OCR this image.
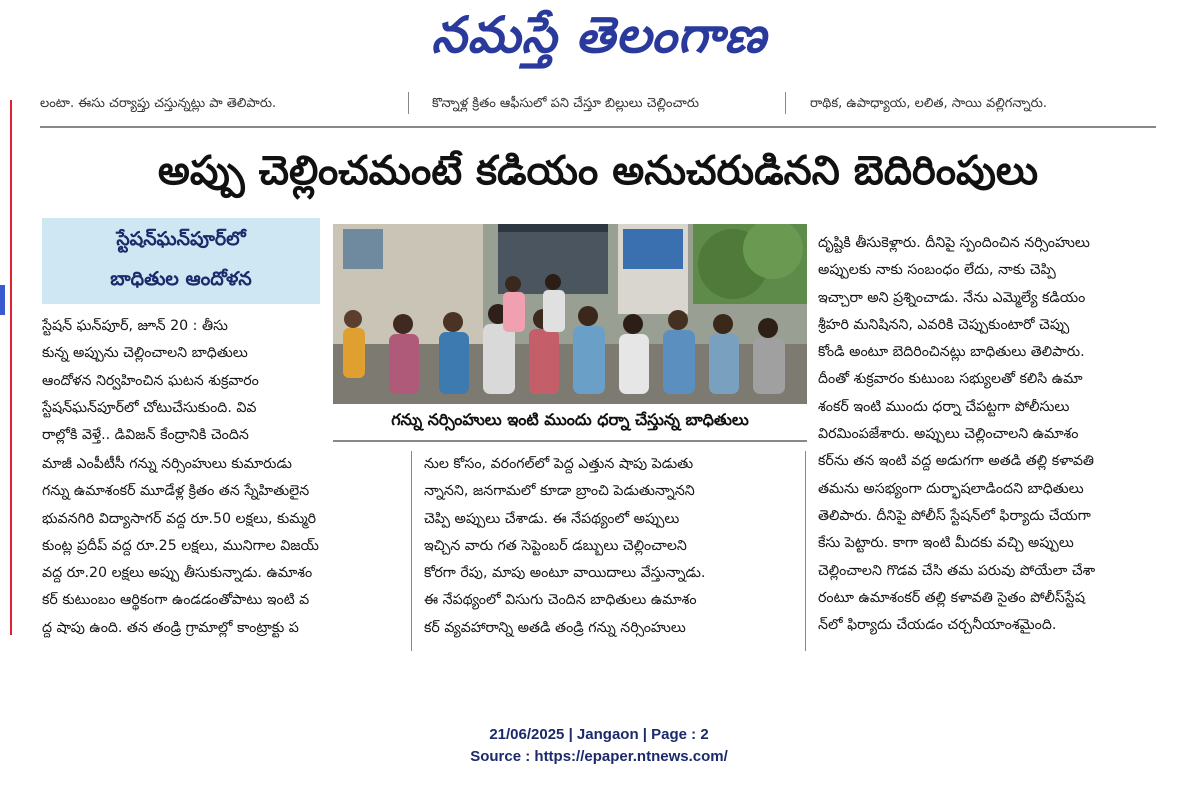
నమస్తే తెలంగాణ
లంటా. ఈసు చర్యాప్తు చస్తున్నట్లు పా తెలిపారు.	కొన్నాళ్ల క్రితం ఆఫీసులో పని చేస్తూ బిల్లులు చెల్లించారు	రాథిక, ఉపాధ్యాయ, లలిత, సాయి వల్లిగన్నారు.
అప్పు చెల్లించమంటే కడియం అనుచరుడినని బెదిరింపులు
స్టేషన్‌ఘన్‌పూర్‌లో
బాధితుల ఆందోళన
గన్ను నర్సింహులు ఇంటి ముందు ధర్నా చేస్తున్న బాధితులు

స్టేషన్ ఘన్‌పూర్, జూన్ 20 : తీసు

కున్న అప్పును చెల్లించాలని బాధితులు

ఆందోళన నిర్వహించిన ఘటన శుక్రవారం

స్టేషన్‌ఘన్‌పూర్‌లో చోటుచేసుకుంది. వివ

రాల్లోకి వెళ్తే.. డివిజన్ కేంద్రానికి చెందిన

మాజీ ఎంపీటీసీ గన్ను నర్సింహులు కుమారుడు

గన్ను ఉమాశంకర్ మూడేళ్ల క్రితం తన స్నేహితులైన

భువనగిరి విద్యాసాగర్ వద్ద రూ.50 లక్షలు, కుమ్మరి

కుంట్ల ప్రదీప్ వద్ద రూ.25 లక్షలు, మునిగాల విజయ్

వద్ద రూ.20 లక్షలు అప్పు తీసుకున్నాడు. ఉమాశం

కర్ కుటుంబం ఆర్థికంగా ఉండడంతోపాటు ఇంటి వ

ద్ద షాపు ఉంది. తన తండ్రి గ్రామాల్లో కాంట్రాక్టు ప

నుల కోసం, వరంగల్‌లో పెద్ద ఎత్తున షాపు పెడుతు

న్నానని, జనగామలో కూడా బ్రాంచి పెడుతున్నానని

చెప్పి అప్పులు చేశాడు. ఈ నేపథ్యంలో అప్పులు

ఇచ్చిన వారు గత సెప్టెంబర్ డబ్బులు చెల్లించాలని

కోరగా రేపు, మాపు అంటూ వాయిదాలు వేస్తున్నాడు.

ఈ నేపథ్యంలో విసుగు చెందిన బాధితులు ఉమాశం

కర్ వ్యవహారాన్ని అతడి తండ్రి గన్ను నర్సింహులు

దృష్టికి తీసుకెళ్లారు. దీనిపై స్పందించిన నర్సింహులు

అప్పులకు నాకు సంబంధం లేదు, నాకు చెప్పి

ఇచ్చారా అని ప్రశ్నించాడు. నేను ఎమ్మెల్యే కడియం

శ్రీహరి మనిషినని, ఎవరికి చెప్పుకుంటారో చెప్పు

కోండి అంటూ బెదిరించినట్లు బాధితులు తెలిపారు.

దీంతో శుక్రవారం కుటుంబ సభ్యులతో కలిసి ఉమా

శంకర్ ఇంటి ముందు ధర్నా చేపట్టగా పోలీసులు

విరమింపజేశారు. అప్పులు చెల్లించాలని ఉమాశం

కర్‌ను తన ఇంటి వద్ద అడుగగా అతడి తల్లి కళావతి

తమను అసభ్యంగా దుర్భాషలాడిందని బాధితులు

తెలిపారు. దీనిపై పోలీస్ స్టేషన్‌లో ఫిర్యాదు చేయగా

కేసు పెట్టారు. కాగా ఇంటి మీదకు వచ్చి అప్పులు

చెల్లించాలని గొడవ చేసి తమ పరువు పోయేలా చేశా

రంటూ ఉమాశంకర్ తల్లి కళావతి సైతం పోలీస్‌స్టేష

న్‌లో ఫిర్యాదు చేయడం చర్చనీయాంశమైంది.

21/06/2025 | Jangaon | Page : 2
Source : https://epaper.ntnews.com/
